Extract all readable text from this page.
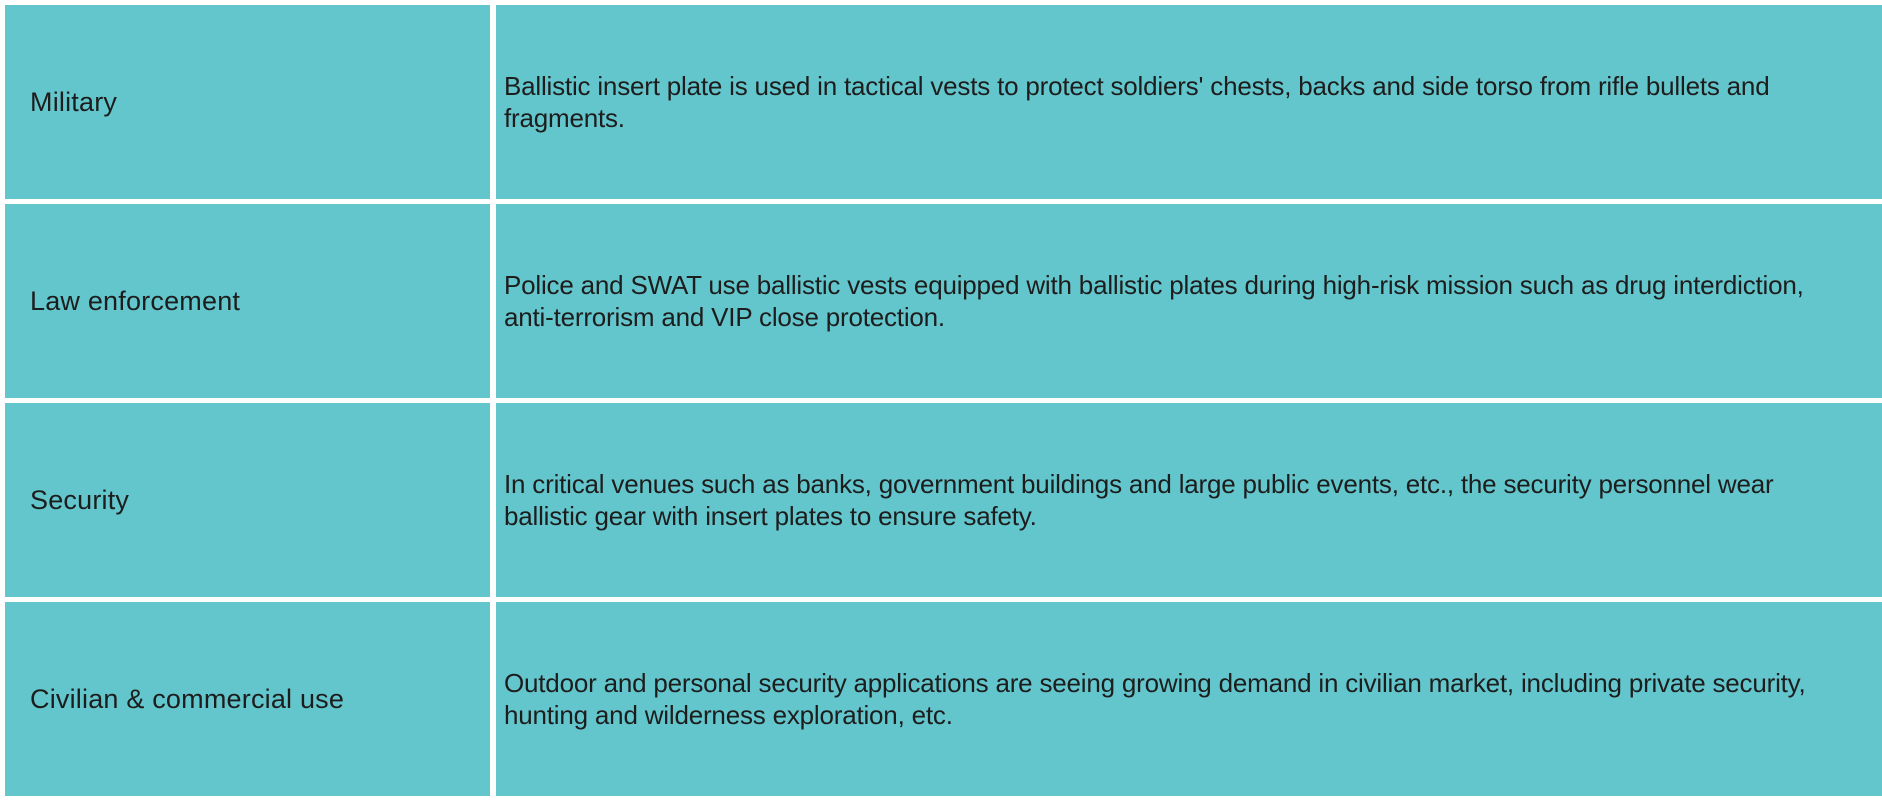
Military
Ballistic insert plate is used in tactical vests to protect soldiers' chests, backs and side torso from rifle bullets and fragments.
Law enforcement
Police and SWAT use ballistic vests equipped with ballistic plates during high-risk mission such as drug interdiction, anti-terrorism and VIP close protection.
Security
In critical venues such as banks, government buildings and large public events, etc., the security personnel wear ballistic gear with insert plates to ensure safety.
Civilian & commercial use
Outdoor and personal security applications are seeing growing demand in civilian market, including private security, hunting and wilderness exploration, etc.
